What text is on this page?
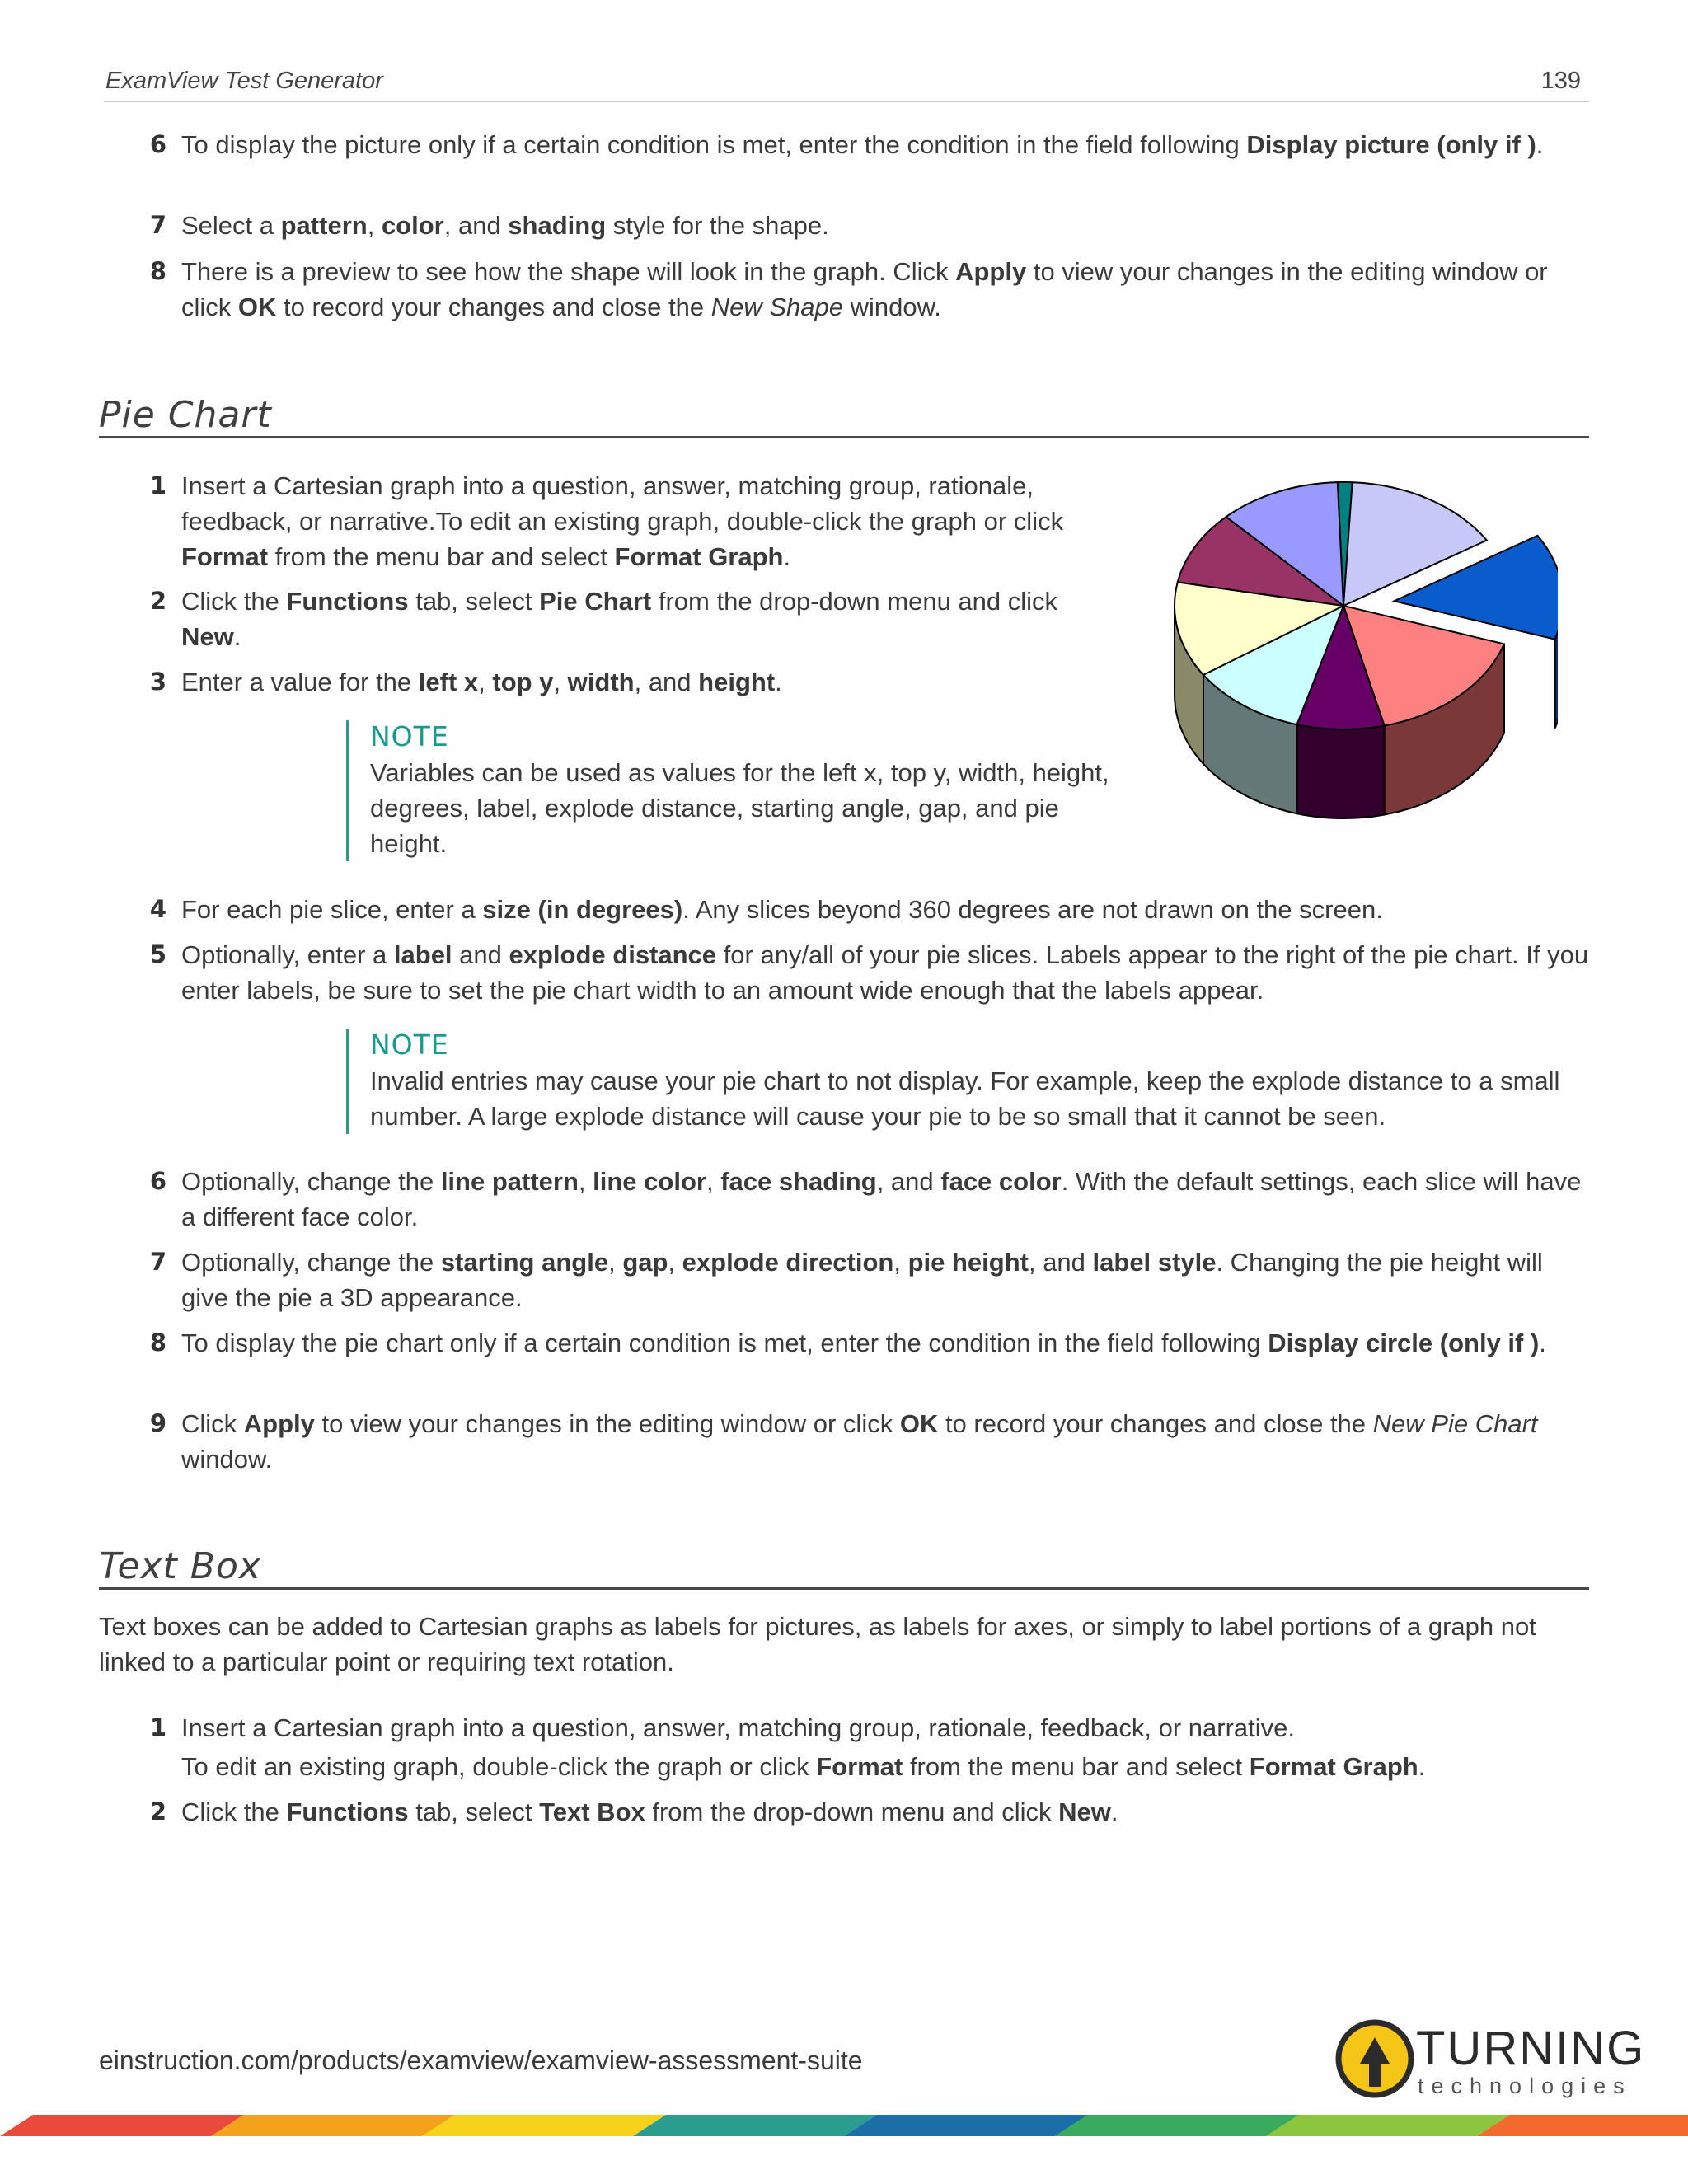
ExamView Test Generator	139
6 To display the picture only if a certain condition is met, enter the condition in the field following Display picture (only if ).
7 Select a pattern, color, and shading style for the shape.
8 There is a preview to see how the shape will look in the graph. Click Apply to view your changes in the editing window or click OK to record your changes and close the New Shape window.
Pie Chart
1 Insert a Cartesian graph into a question, answer, matching group, rationale, feedback, or narrative.To edit an existing graph, double-click the graph or click Format from the menu bar and select Format Graph.
2 Click the Functions tab, select Pie Chart from the drop-down menu and click New.
3 Enter a value for the left x, top y, width, and height.
NOTE
Variables can be used as values for the left x, top y, width, height, degrees, label, explode distance, starting angle, gap, and pie height.
4 For each pie slice, enter a size (in degrees). Any slices beyond 360 degrees are not drawn on the screen.
5 Optionally, enter a label and explode distance for any/all of your pie slices. Labels appear to the right of the pie chart. If you enter labels, be sure to set the pie chart width to an amount wide enough that the labels appear.
NOTE
Invalid entries may cause your pie chart to not display. For example, keep the explode distance to a small number. A large explode distance will cause your pie to be so small that it cannot be seen.
6 Optionally, change the line pattern, line color, face shading, and face color. With the default settings, each slice will have a different face color.
7 Optionally, change the starting angle, gap, explode direction, pie height, and label style. Changing the pie height will give the pie a 3D appearance.
8 To display the pie chart only if a certain condition is met, enter the condition in the field following Display circle (only if ).
9 Click Apply to view your changes in the editing window or click OK to record your changes and close the New Pie Chart window.
Text Box
Text boxes can be added to Cartesian graphs as labels for pictures, as labels for axes, or simply to label portions of a graph not linked to a particular point or requiring text rotation.
1 Insert a Cartesian graph into a question, answer, matching group, rationale, feedback, or narrative.
To edit an existing graph, double-click the graph or click Format from the menu bar and select Format Graph.
2 Click the Functions tab, select Text Box from the drop-down menu and click New.
einstruction.com/products/examview/examview-assessment-suite	TURNING
technologies
